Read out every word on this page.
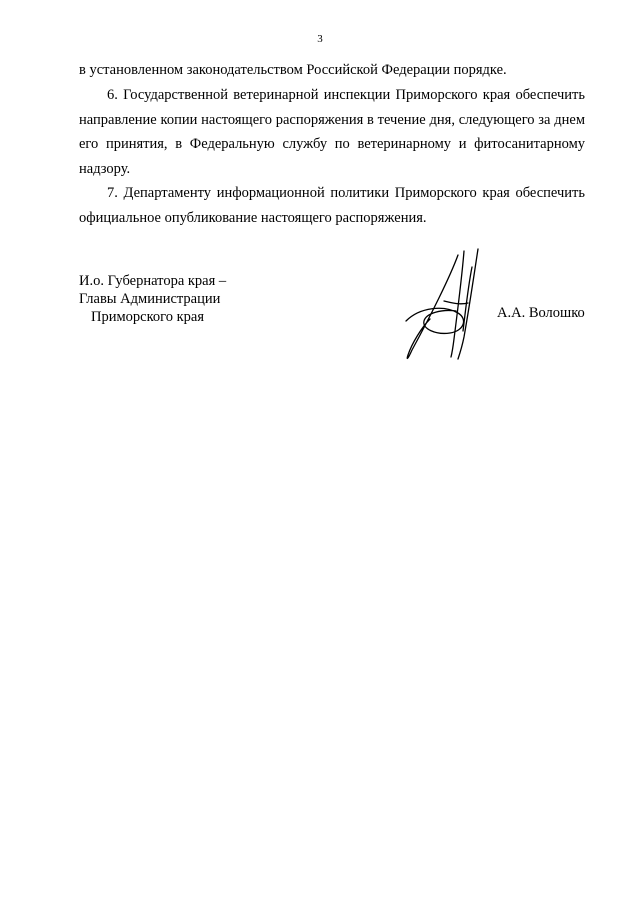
3

в установленном законодательством Российской Федерации порядке.

6. Государственной ветеринарной инспекции Приморского края обеспечить направление копии настоящего распоряжения в течение дня, следующего за днем его принятия, в Федеральную службу по ветеринарному и фитосанитарному надзору.

7. Департаменту информационной политики Приморского края обеспечить официальное опубликование настоящего распоряжения.

И.о. Губернатора края –
Главы Администрации
Приморского края	А.А. Волошко
